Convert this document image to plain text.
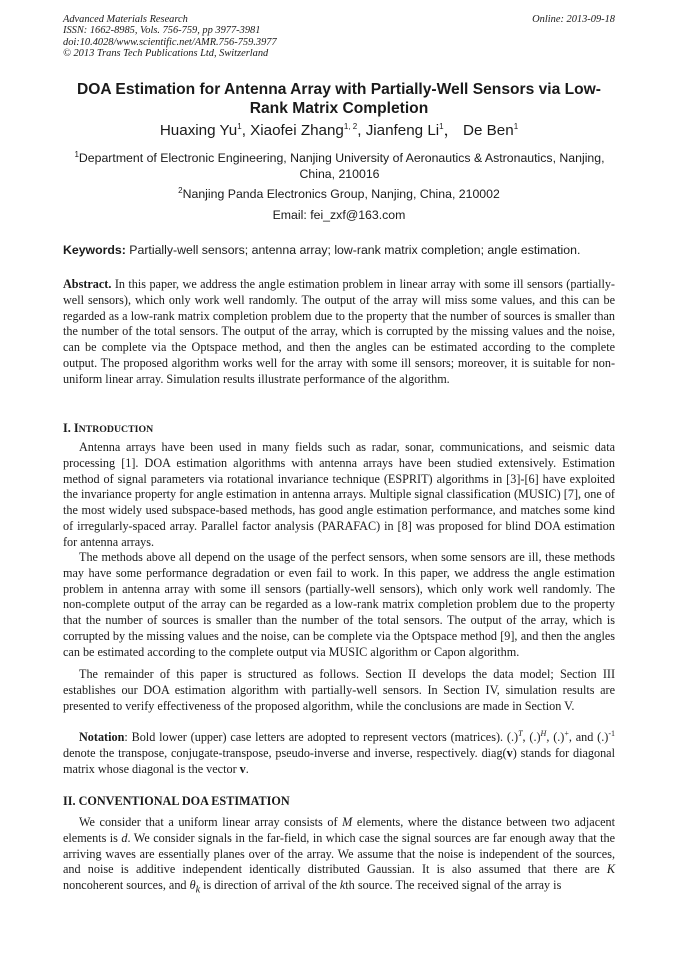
Advanced Materials Research
ISSN: 1662-8985, Vols. 756-759, pp 3977-3981
doi:10.4028/www.scientific.net/AMR.756-759.3977
© 2013 Trans Tech Publications Ltd, Switzerland
Online: 2013-09-18
DOA Estimation for Antenna Array with Partially-Well Sensors via Low-Rank Matrix Completion
Huaxing Yu$^1$, Xiaofei Zhang$^{1, 2}$, Jianfeng Li$^1$， De Ben$^1$
$^1$Department of Electronic Engineering, Nanjing University of Aeronautics & Astronautics, Nanjing, China, 210016
$^2$Nanjing Panda Electronics Group, Nanjing, China, 210002
Email: fei_zxf@163.com
Keywords: Partially-well sensors; antenna array; low-rank matrix completion; angle estimation.

Abstract. In this paper, we address the angle estimation problem in linear array with some ill sensors (partially-well sensors), which only work well randomly. The output of the array will miss some values, and this can be regarded as a low-rank matrix completion problem due to the property that the number of sources is smaller than the number of the total sensors. The output of the array, which is corrupted by the missing values and the noise, can be complete via the Optspace method, and then the angles can be estimated according to the complete output. The proposed algorithm works well for the array with some ill sensors; moreover, it is suitable for non-uniform linear array. Simulation results illustrate performance of the algorithm.

I. INTRODUCTION

Antenna arrays have been used in many fields such as radar, sonar, communications, and seismic data processing [1]. DOA estimation algorithms with antenna arrays have been studied extensively. Estimation method of signal parameters via rotational invariance technique (ESPRIT) algorithms in [3]-[6] have exploited the invariance property for angle estimation in antenna arrays. Multiple signal classification (MUSIC) [7], one of the most widely used subspace-based methods, has good angle estimation performance, and matches some kind of irregularly-spaced array. Parallel factor analysis (PARAFAC) in [8] was proposed for blind DOA estimation for antenna arrays.

The methods above all depend on the usage of the perfect sensors, when some sensors are ill, these methods may have some performance degradation or even fail to work. In this paper, we address the angle estimation problem in antenna array with some ill sensors (partially-well sensors), which only work well randomly. The non-complete output of the array can be regarded as a low-rank matrix completion problem due to the property that the number of sources is smaller than the number of the total sensors. The output of the array, which is corrupted by the missing values and the noise, can be complete via the Optspace method [9], and then the angles can be estimated according to the complete output via MUSIC algorithm or Capon algorithm.

The remainder of this paper is structured as follows. Section II develops the data model; Section III establishes our DOA estimation algorithm with partially-well sensors. In Section IV, simulation results are presented to verify effectiveness of the proposed algorithm, while the conclusions are made in Section V.

Notation: Bold lower (upper) case letters are adopted to represent vectors (matrices). (.)$^T$, (.)$^H$, (.)+, and (.)$^{-1}$ denote the transpose, conjugate-transpose, pseudo-inverse and inverse, respectively. diag(v) stands for diagonal matrix whose diagonal is the vector v.

II. CONVENTIONAL DOA ESTIMATION

We consider that a uniform linear array consists of M elements, where the distance between two adjacent elements is d. We consider signals in the far-field, in which case the signal sources are far enough away that the arriving waves are essentially planes over of the array. We assume that the noise is independent of the sources, and noise is additive independent identically distributed Gaussian. It is also assumed that there are K noncoherent sources, and $\theta_k$ is direction of arrival of the kth source. The received signal of the array is
